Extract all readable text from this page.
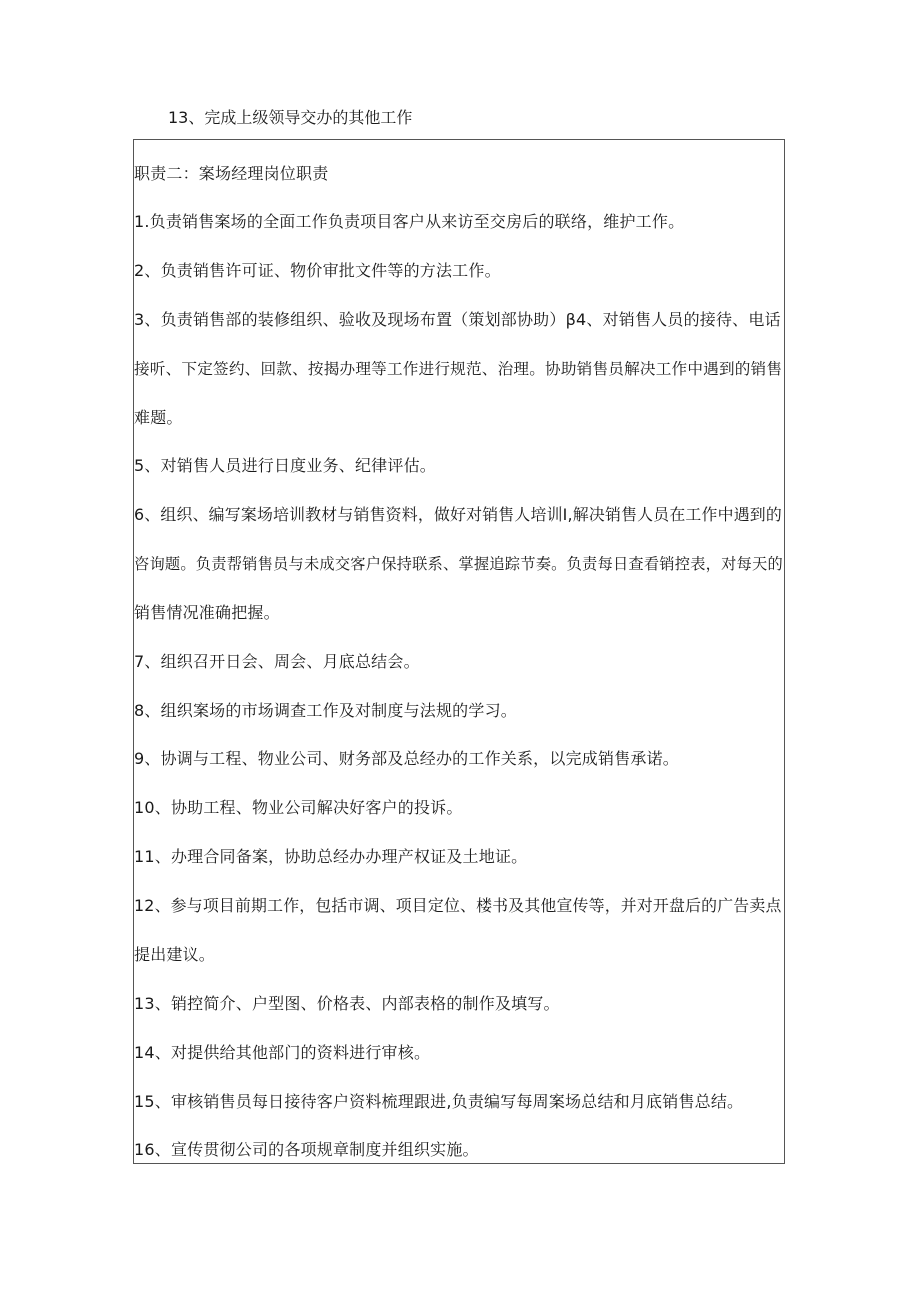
13、完成上级领导交办的其他工作
职责二：案场经理岗位职责
1.负责销售案场的全面工作负责项目客户从来访至交房后的联络，维护工作。
2、负责销售许可证、物价审批文件等的方法工作。
3、负责销售部的装修组织、验收及现场布置（策划部协助）β4、对销售人员的接待、电话
接听、下定签约、回款、按揭办理等工作进行规范、治理。协助销售员解决工作中遇到的销售
难题。
5、对销售人员进行日度业务、纪律评估。
6、组织、编写案场培训教材与销售资料，做好对销售人培训I,解决销售人员在工作中遇到的
咨询题。负责帮销售员与未成交客户保持联系、掌握追踪节奏。负责每日查看销控表，对每天的
销售情况准确把握。
7、组织召开日会、周会、月底总结会。
8、组织案场的市场调查工作及对制度与法规的学习。
9、协调与工程、物业公司、财务部及总经办的工作关系，以完成销售承诺。
10、协助工程、物业公司解决好客户的投诉。
11、办理合同备案，协助总经办办理产权证及土地证。
12、参与项目前期工作，包括市调、项目定位、楼书及其他宣传等，并对开盘后的广告卖点
提出建议。
13、销控简介、户型图、价格表、内部表格的制作及填写。
14、对提供给其他部门的资料进行审核。
15、审核销售员每日接待客户资料梳理跟进,负责编写每周案场总结和月底销售总结。
16、宣传贯彻公司的各项规章制度并组织实施。
